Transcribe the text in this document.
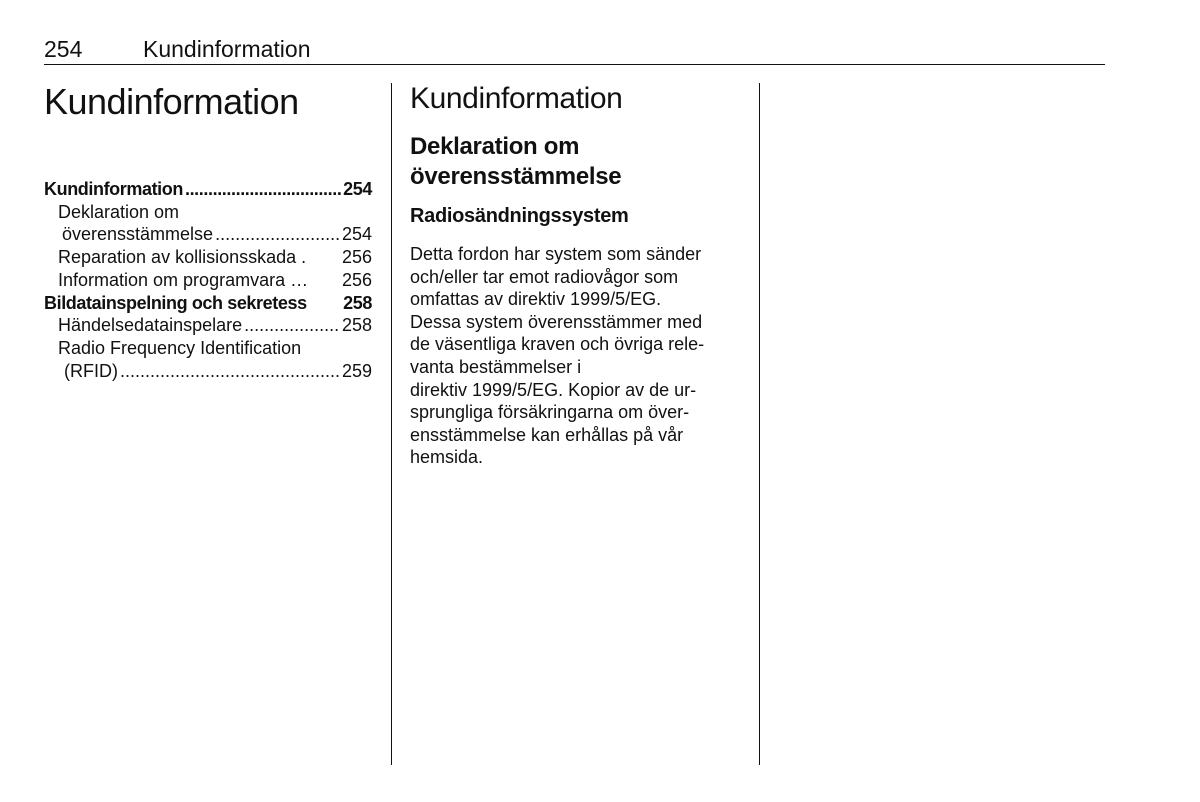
254	Kundinformation
Kundinformation
Kundinformation .....	254
Deklaration om
överensstämmelse .....	254
Reparation av kollisionsskada . 256
Information om programvara … 256
Bildatainspelning och sekretess	258
Händelsedatainspelare .....	258
Radio Frequency Identification
(RFID) .....	259
Kundinformation
Deklaration om
överensstämmelse
Radiosändningssystem
Detta fordon har system som sänder
och/eller tar emot radiovågor som
omfattas av direktiv 1999/5/EG.
Dessa system överensstämmer med
de väsentliga kraven och övriga rele-
vanta bestämmelser i
direktiv 1999/5/EG. Kopior av de ur-
sprungliga försäkringarna om över-
ensstämmelse kan erhållas på vår
hemsida.
